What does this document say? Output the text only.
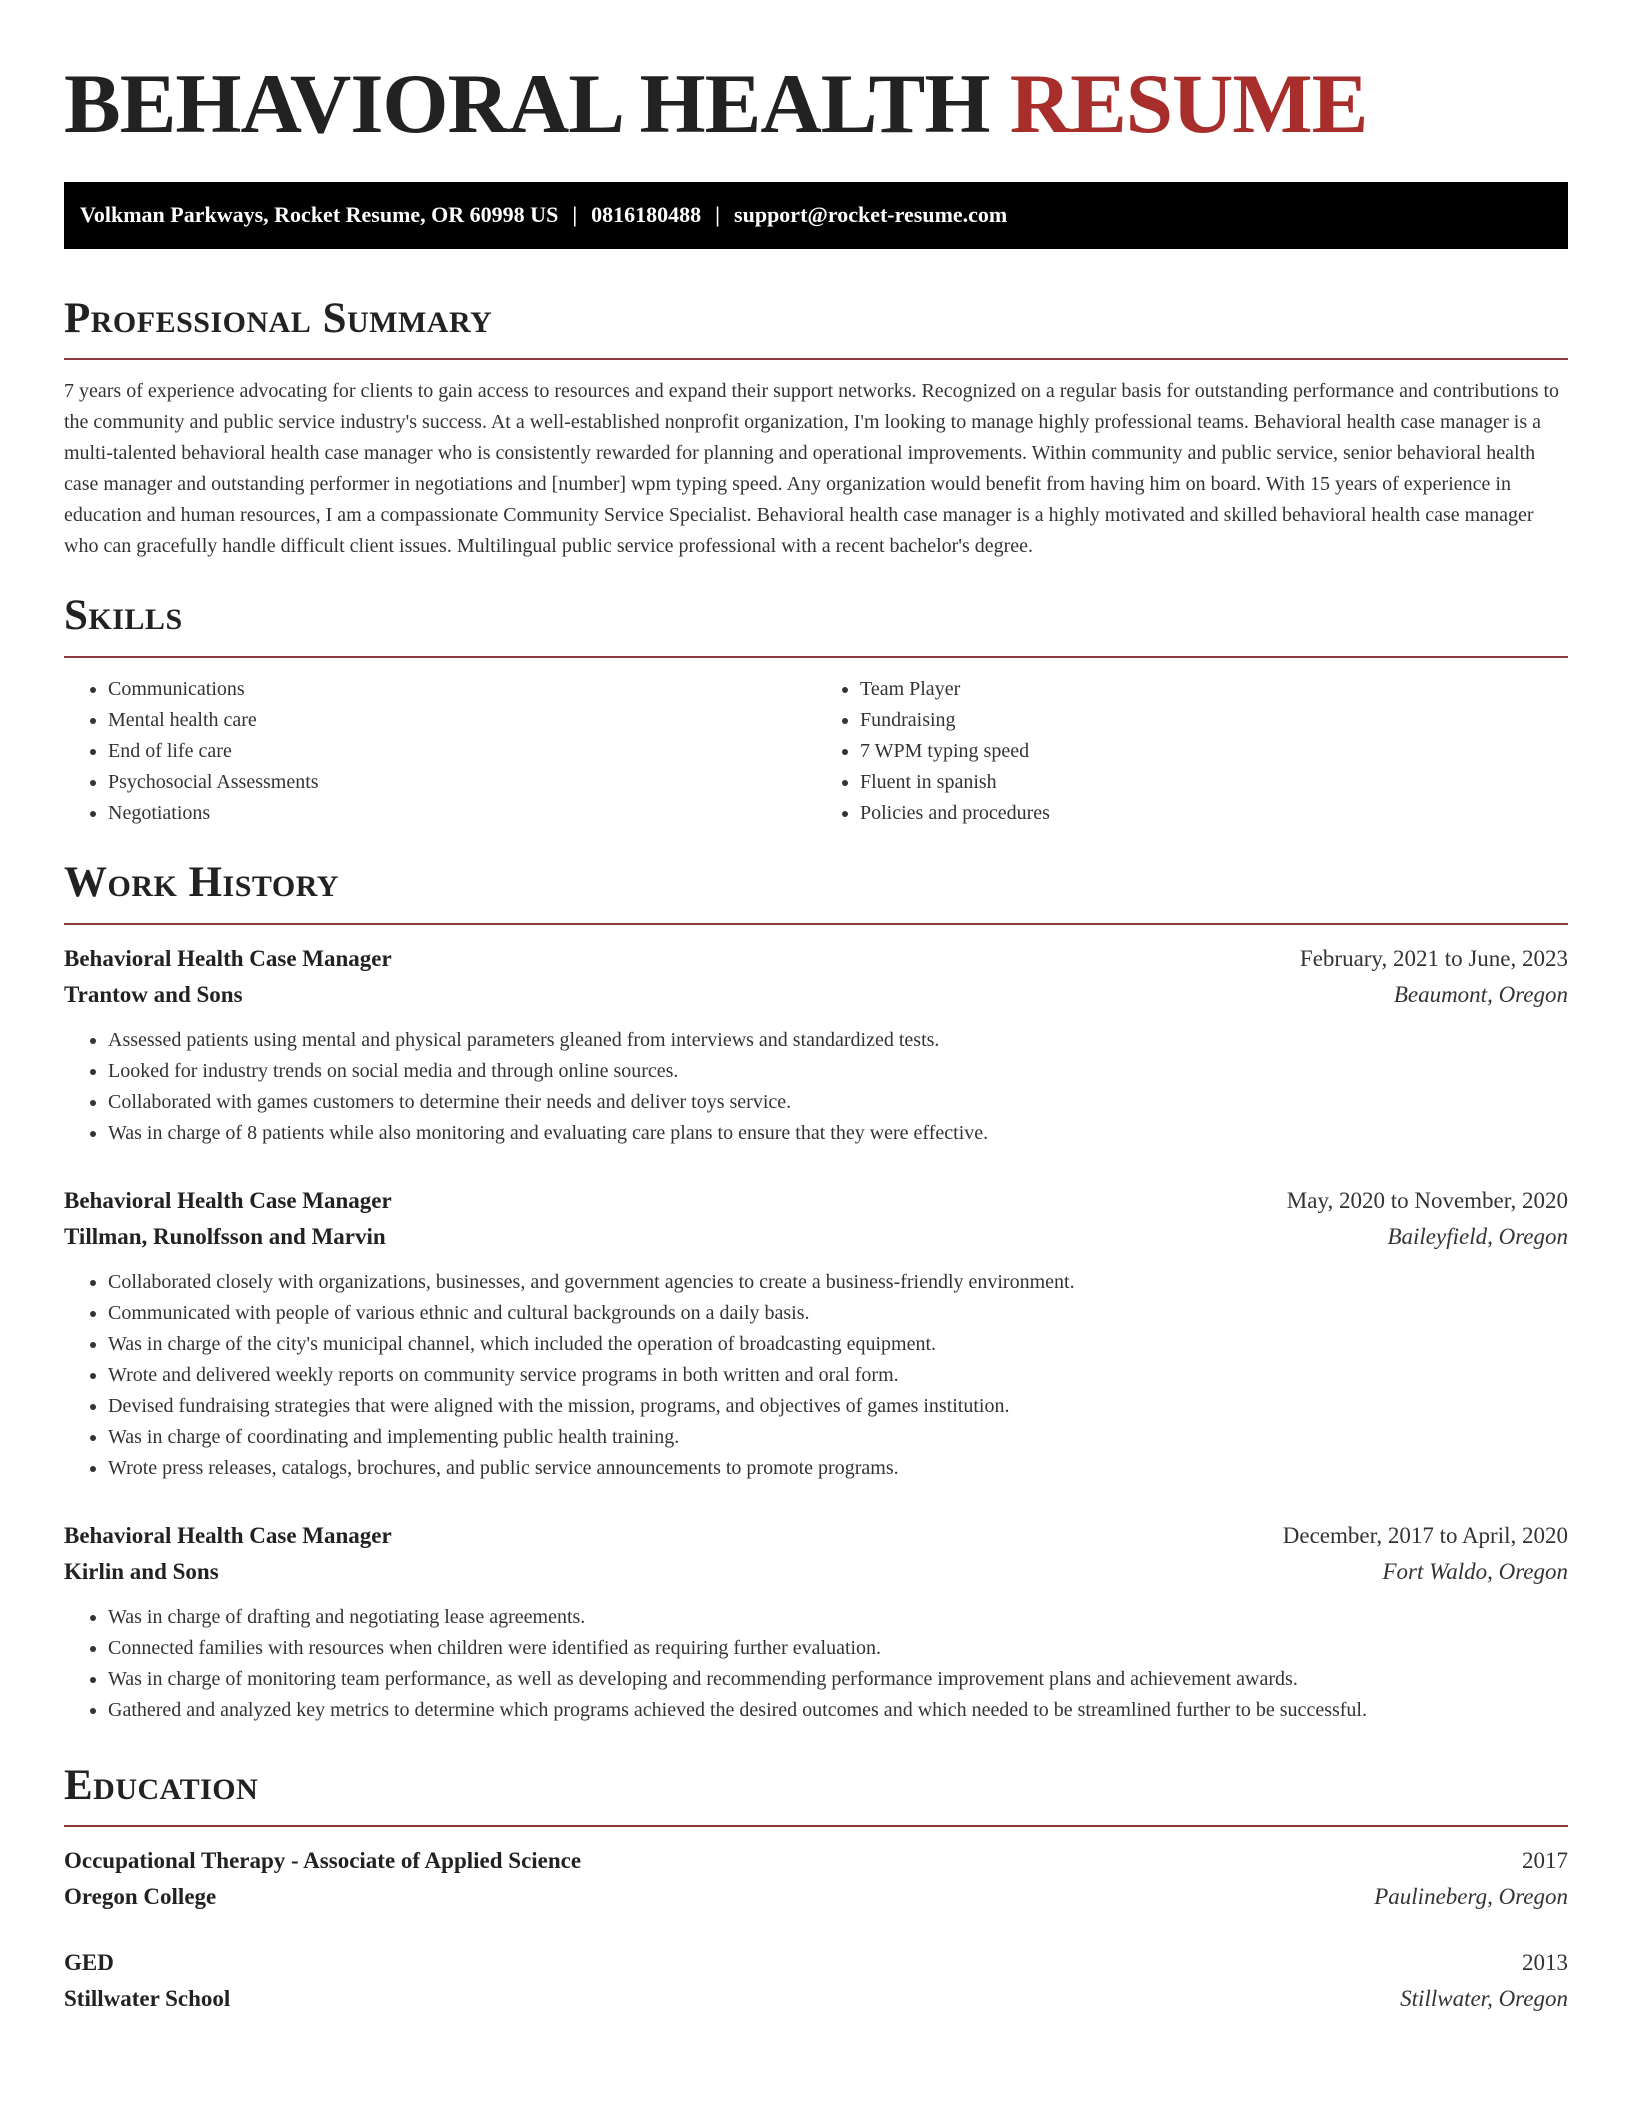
BEHAVIORAL HEALTH RESUME
Volkman Parkways, Rocket Resume, OR 60998 US | 0816180488 | support@rocket-resume.com
Professional Summary

7 years of experience advocating for clients to gain access to resources and expand their support networks. Recognized on a regular basis for outstanding performance and contributions to the community and public service industry's success. At a well-established nonprofit organization, I'm looking to manage highly professional teams. Behavioral health case manager is a multi-talented behavioral health case manager who is consistently rewarded for planning and operational improvements. Within community and public service, senior behavioral health case manager and outstanding performer in negotiations and [number] wpm typing speed. Any organization would benefit from having him on board. With 15 years of experience in education and human resources, I am a compassionate Community Service Specialist. Behavioral health case manager is a highly motivated and skilled behavioral health case manager who can gracefully handle difficult client issues. Multilingual public service professional with a recent bachelor's degree.

Skills
• Communications
• Mental health care
• End of life care
• Psychosocial Assessments
• Negotiations
• Team Player
• Fundraising
• 7 WPM typing speed
• Fluent in spanish
• Policies and procedures
Work History
Behavioral Health Case Manager	February, 2021 to June, 2023
Trantow and Sons	Beaumont, Oregon
• Assessed patients using mental and physical parameters gleaned from interviews and standardized tests.
• Looked for industry trends on social media and through online sources.
• Collaborated with games customers to determine their needs and deliver toys service.
• Was in charge of 8 patients while also monitoring and evaluating care plans to ensure that they were effective.
Behavioral Health Case Manager	May, 2020 to November, 2020
Tillman, Runolfsson and Marvin	Baileyfield, Oregon
• Collaborated closely with organizations, businesses, and government agencies to create a business-friendly environment.
• Communicated with people of various ethnic and cultural backgrounds on a daily basis.
• Was in charge of the city's municipal channel, which included the operation of broadcasting equipment.
• Wrote and delivered weekly reports on community service programs in both written and oral form.
• Devised fundraising strategies that were aligned with the mission, programs, and objectives of games institution.
• Was in charge of coordinating and implementing public health training.
• Wrote press releases, catalogs, brochures, and public service announcements to promote programs.
Behavioral Health Case Manager	December, 2017 to April, 2020
Kirlin and Sons	Fort Waldo, Oregon
• Was in charge of drafting and negotiating lease agreements.
• Connected families with resources when children were identified as requiring further evaluation.
• Was in charge of monitoring team performance, as well as developing and recommending performance improvement plans and achievement awards.
• Gathered and analyzed key metrics to determine which programs achieved the desired outcomes and which needed to be streamlined further to be successful.
Education
Occupational Therapy - Associate of Applied Science	2017
Oregon College	Paulineberg, Oregon
GED	2013
Stillwater School	Stillwater, Oregon
